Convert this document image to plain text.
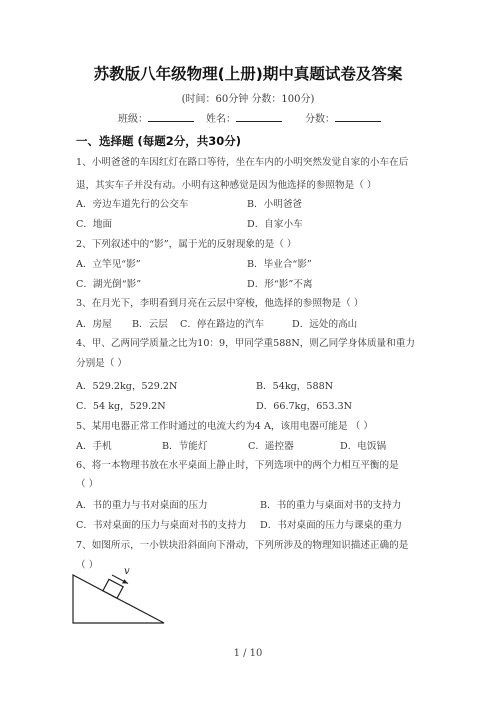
苏教版八年级物理(上册)期中真题试卷及答案
(时间：60分钟 分数：100分)
班级：	姓名：	分数：
一、选择题 (每题2分，共30分)
1、小明爸爸的车因红灯在路口等待，坐在车内的小明突然发觉自家的小车在后
退，其实车子并没有动。小明有这种感觉是因为他选择的参照物是（ ）
A．旁边车道先行的公交车	B．小明爸爸
C．地面	D．自家小车
2、下列叙述中的“影”，属于光的反射现象的是（ ）
A．立竿见“影”	B．毕业合“影”
C．湖光倒“影”	D．形“影”不离
3、在月光下，李明看到月亮在云层中穿梭，他选择的参照物是（ ）
A．房屋 B．云层 C．停在路边的汽车	D．远处的高山
4、甲、乙两同学质量之比为10：9，甲同学重588N，则乙同学身体质量和重力
分别是（ ）
A．529.2kg，529.2N	B．54kg，588N
C．54 kg，529.2N	D．66.7kg，653.3N
5、某用电器正常工作时通过的电流大约为4 A，该用电器可能是 （ ）
A．手机	B．节能灯	C．遥控器	D．电饭锅
6、将一本物理书放在水平桌面上静止时，下列选项中的两个力相互平衡的是
（ ）
A．书的重力与书对桌面的压力	B．书的重力与桌面对书的支持力
C．书对桌面的压力与桌面对书的支持力 D．书对桌面的压力与课桌的重力
7、如图所示，一小铁块沿斜面向下滑动，下列所涉及的物理知识描述正确的是
（ ）
v
1 / 10
